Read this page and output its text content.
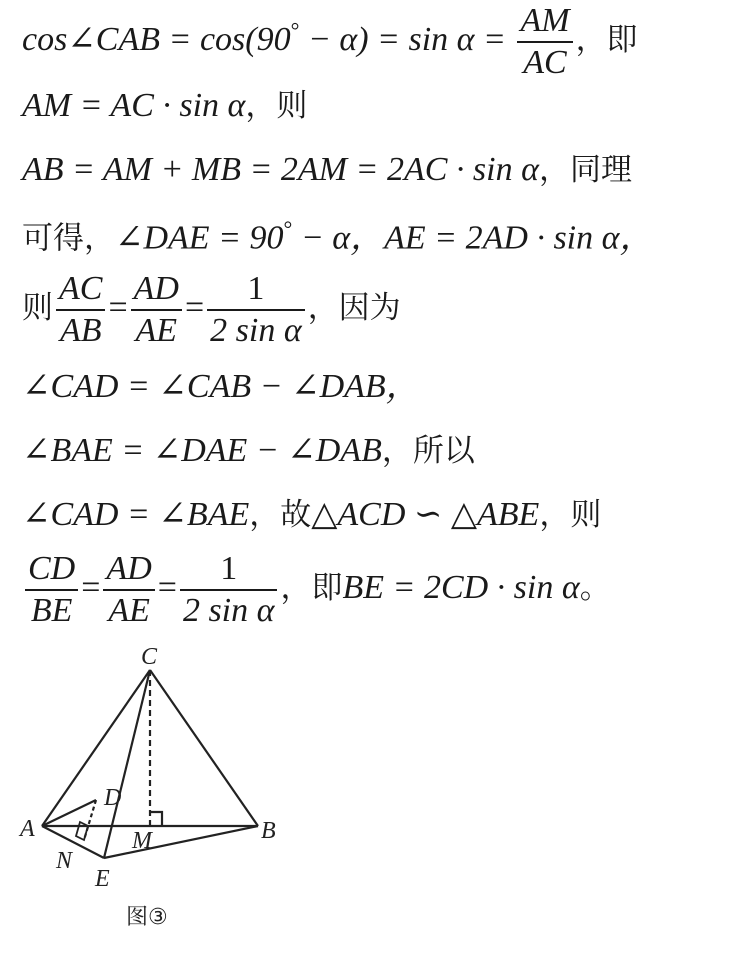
cos∠CAB = $\cos(90^\circ - \alpha) = \sin \alpha = \frac{AM}{AC}$ ，即
AM = AC · sin α，则
AB = AM + MB = 2AM = 2AC · sin α，同理
可得，∠DAE = 90° − α，AE = 2AD · sin α，
则 $\frac{AC}{AB} = \frac{AD}{AE} = \frac{1}{\text{2 sin α}}$ ，因为
∠CAD = ∠CAB − ∠DAB，
∠BAE = ∠DAE − ∠DAB，所以
∠CAD = ∠BAE，故△ACD ∽ △ABE，则
$\frac{CD}{BE} = \frac{AD}{AE} = \frac{1}{\text{2 sin α}}$ ，即BE = 2CD · sin α。
C
D
A	M	B
N
E
图③
